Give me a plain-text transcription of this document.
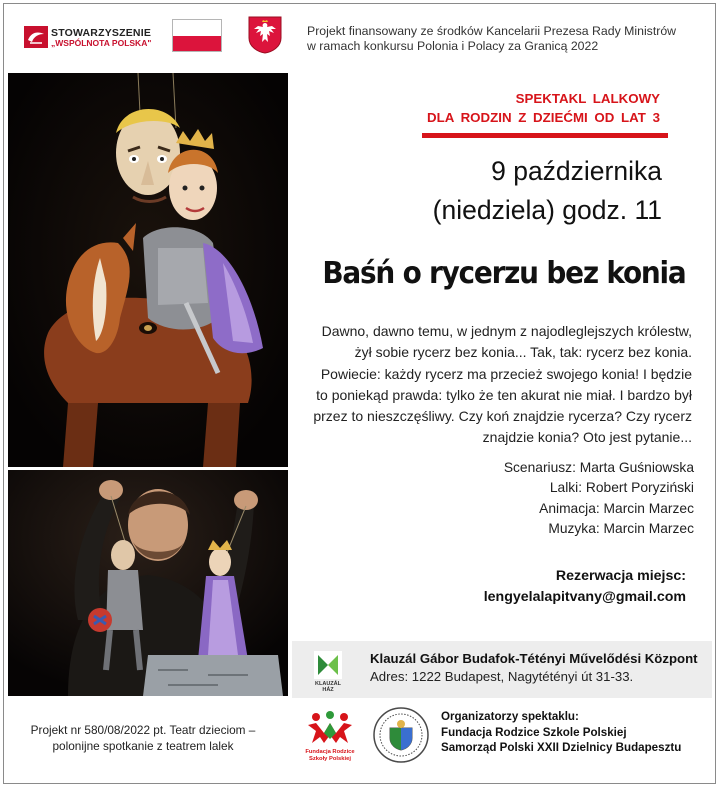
STOWARZYSZENIE
„WSPÓLNOTA POLSKA"
Projekt finansowany ze środków Kancelarii Prezesa Rady Ministrów
w ramach konkursu Polonia i Polacy za Granicą 2022
SPEKTAKL LALKOWY
DLA RODZIN Z DZIEĆMI OD LAT 3
9 października
(niedziela) godz. 11
Baśń o rycerzu bez konia
Dawno, dawno temu, w jednym z najodleglejszych królestw, żył sobie rycerz bez konia... Tak, tak: rycerz bez konia. Powiecie: każdy rycerz ma przecież swojego konia! I będzie to poniekąd prawda: tylko że ten akurat nie miał. I bardzo był przez to nieszczęśliwy. Czy koń znajdzie rycerza? Czy rycerz znajdzie konia? Oto jest pytanie...
Scenariusz: Marta Guśniowska
Lalki: Robert Poryziński
Animacja: Marcin Marzec
Muzyka: Marcin Marzec
Rezerwacja miejsc:
lengyelalapitvany@gmail.com
KLAUZÁL
HÁZ
Klauzál Gábor Budafok-Tétényi Művelődési Központ
Adres: 1222 Budapest, Nagytétényi út 31-33.
Projekt nr 580/08/2022 pt. Teatr dzieciom –
polonijne spotkanie z teatrem lalek	Fundacja Rodzice
Szkoły Polskiej
Organizatorzy spektaklu:
Fundacja Rodzice Szkole Polskiej
Samorząd Polski XXII Dzielnicy Budapesztu
